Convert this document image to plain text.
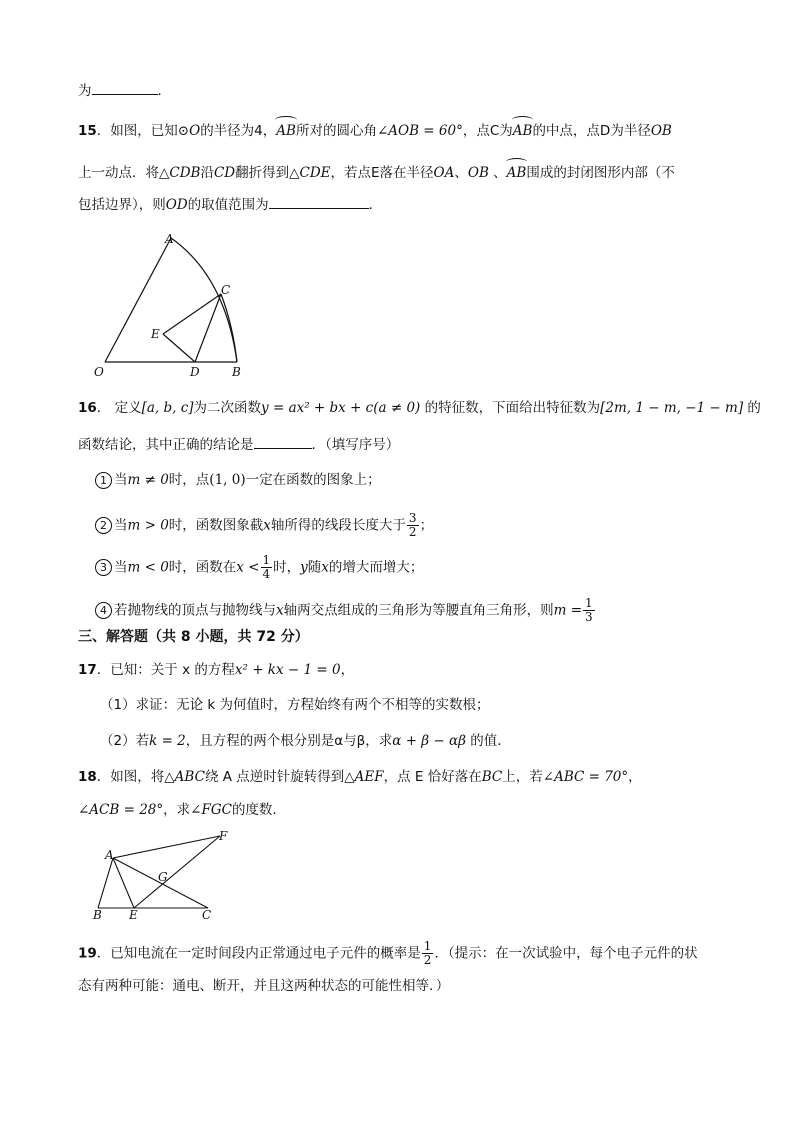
为	．
15．如图，已知⊙O的半径为4，AB所对的圆心角∠AOB = 60°，点C为AB的中点，点D为半径OB
上一动点．将△CDB沿CD翻折得到△CDE，若点E落在半径OA、OB 、AB围成的封闭图形内部（不
包括边界），则OD的取值范围为	．
A
C
E
O	D	B
16． 定义[a, b, c]为二次函数y = ax² + bx + c(a ≠ 0) 的特征数，下面给出特征数为[2m, 1 − m, −1 − m] 的
函数结论，其中正确的结论是	．（填写序号）
1 当m ≠ 0时，点(1, 0)一定在函数的图象上；
2 当m > 0时，函数图象截x轴所得的线段长度大于 $\frac{3}{2}$ ；
3 当m < 0时，函数在$x < \frac{1}{4}$ 时，y随x的增大而增大；
4 若抛物线的顶点与抛物线与x轴两交点组成的三角形为等腰直角三角形，则$m = \frac{1}{3}$
三、解答题（共 8 小题，共 72 分）
17．已知：关于 x 的方程x² + kx − 1 = 0，
（1）求证：无论 k 为何值时，方程始终有两个不相等的实数根；
（2）若k = 2，且方程的两个根分别是α与β，求α + β − αβ 的值．
18．如图，将△ABC绕 A 点逆时针旋转得到△AEF，点 E 恰好落在BC上，若∠ABC = 70°，
∠ACB = 28°，求∠FGC的度数．
A
F
G
B E	C
19．已知电流在一定时间段内正常通过电子元件的概率是 $\frac{1}{2}$ ．（提示：在一次试验中，每个电子元件的状
态有两种可能：通电、断开，并且这两种状态的可能性相等．）
